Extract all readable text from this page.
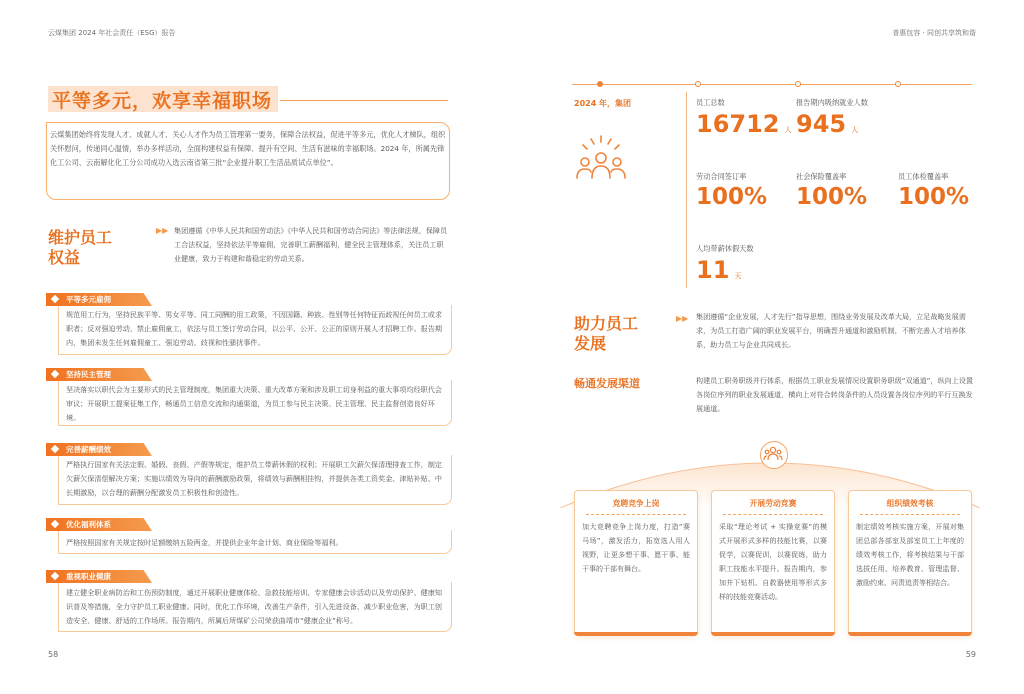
云煤集团 2024 年社会责任（ESG）报告	普惠包容 · 同创共享筑和谐
平等多元，欢享幸福职场
云煤集团始终将发现人才、成就人才、关心人才作为员工管理第一要务，保障合法权益，促进平等多元，优化人才梯队，组织关怀慰问，传递同心温情，举办多样活动，全面构建权益有保障、提升有空间、生活有滋味的幸福职场。2024 年，所属先锋化工公司、云南解化化工分公司成功入选云南省第三批“企业提升职工生活品质试点单位”。
维护员工
权益
▶▶ 集团遵循《中华人民共和国劳动法》《中华人民共和国劳动合同法》等法律法规，保障员工合法权益，坚持依法平等雇佣，完善职工薪酬福利，健全民主管理体系，关注员工职业健康，致力于构建和谐稳定的劳动关系。
平等多元雇佣
规范用工行为，坚持民族平等、男女平等、同工同酬的用工政策，不因国籍、种族、性别等任何特征而歧视任何员工或求职者；反对强迫劳动，禁止雇佣童工，依法与员工签订劳动合同，以公平、公开、公正的原则开展人才招聘工作。报告期内，集团未发生任何雇佣童工、强迫劳动、歧视和性骚扰事件。
坚持民主管理
坚决落实以职代会为主要形式的民主管理制度，集团重大决策、重大改革方案和涉及职工切身利益的重大事项均经职代会审议；开展职工提案征集工作，畅通员工信息交流和沟通渠道，为员工参与民主决策、民主管理、民主监督创造良好环境。
完善薪酬绩效
严格执行国家有关法定假、婚假、丧假、产假等规定，维护员工带薪休假的权利；开展职工欠薪欠保清理排查工作，制定欠薪欠保清偿解决方案；实施以绩效为导向的薪酬激励政策，将绩效与薪酬相挂钩，并提供各类工资奖金、津贴补贴、中长期激励，以合理的薪酬分配激发员工积极性和创造性。
优化福利体系
严格按照国家有关规定按时足额缴纳五险两金，并提供企业年金计划、商业保险等福利。
重视职业健康
建立健全职业病防治和工伤预防制度，通过开展职业健康体检、急救技能培训、专家健康会诊活动以及劳动保护、健康知识普及等措施，全力守护员工职业健康。同时，优化工作环境，改善生产条件，引入先进设备、减少职业危害，为职工创造安全、健康、舒适的工作场所。报告期内，所属后所煤矿公司荣获曲靖市“健康企业”称号。
58
2024 年，集团	员工总数
16712 人
报告期内吸纳就业人数
945 人
劳动合同签订率
100%
社会保险覆盖率
100%
员工体检覆盖率
100%
人均带薪休假天数
11 天
助力员工
发展
▶▶ 集团遵循“企业发展，人才先行”指导思想，围绕业务发展及改革大局，立足战略发展需求，为员工打造广阔的职业发展平台，明确晋升通道和激励机制，不断完善人才培养体系，助力员工与企业共同成长。
畅通发展渠道	构建员工职务职级并行体系，根据员工职业发展情况设置职务职级“双通道”，纵向上设置各岗位序列的职业发展通道，横向上对符合转岗条件的人员设置各岗位序列的平行互换发展通道。
竞聘竞争上岗
加大竞聘竞争上岗力度，打造“赛马场”，激发活力，拓宽选人用人视野，让更多想干事、愿干事、能干事的干部有舞台。
开展劳动竞赛
采取“理论考试 + 实操竞赛”的模式开展形式多样的技能比赛，以赛促学，以赛促训，以赛促练，助力职工技能水平提升。报告期内，参加井下钻机、自救器使用等形式多样的技能竞赛活动。
组织绩效考核
制定绩效考核实施方案，开展对集团总部各部室及部室员工上年度的绩效考核工作，将考核结果与干部选拔任用、培养教育、管理监督、激励约束、问责追责等相结合。
59
